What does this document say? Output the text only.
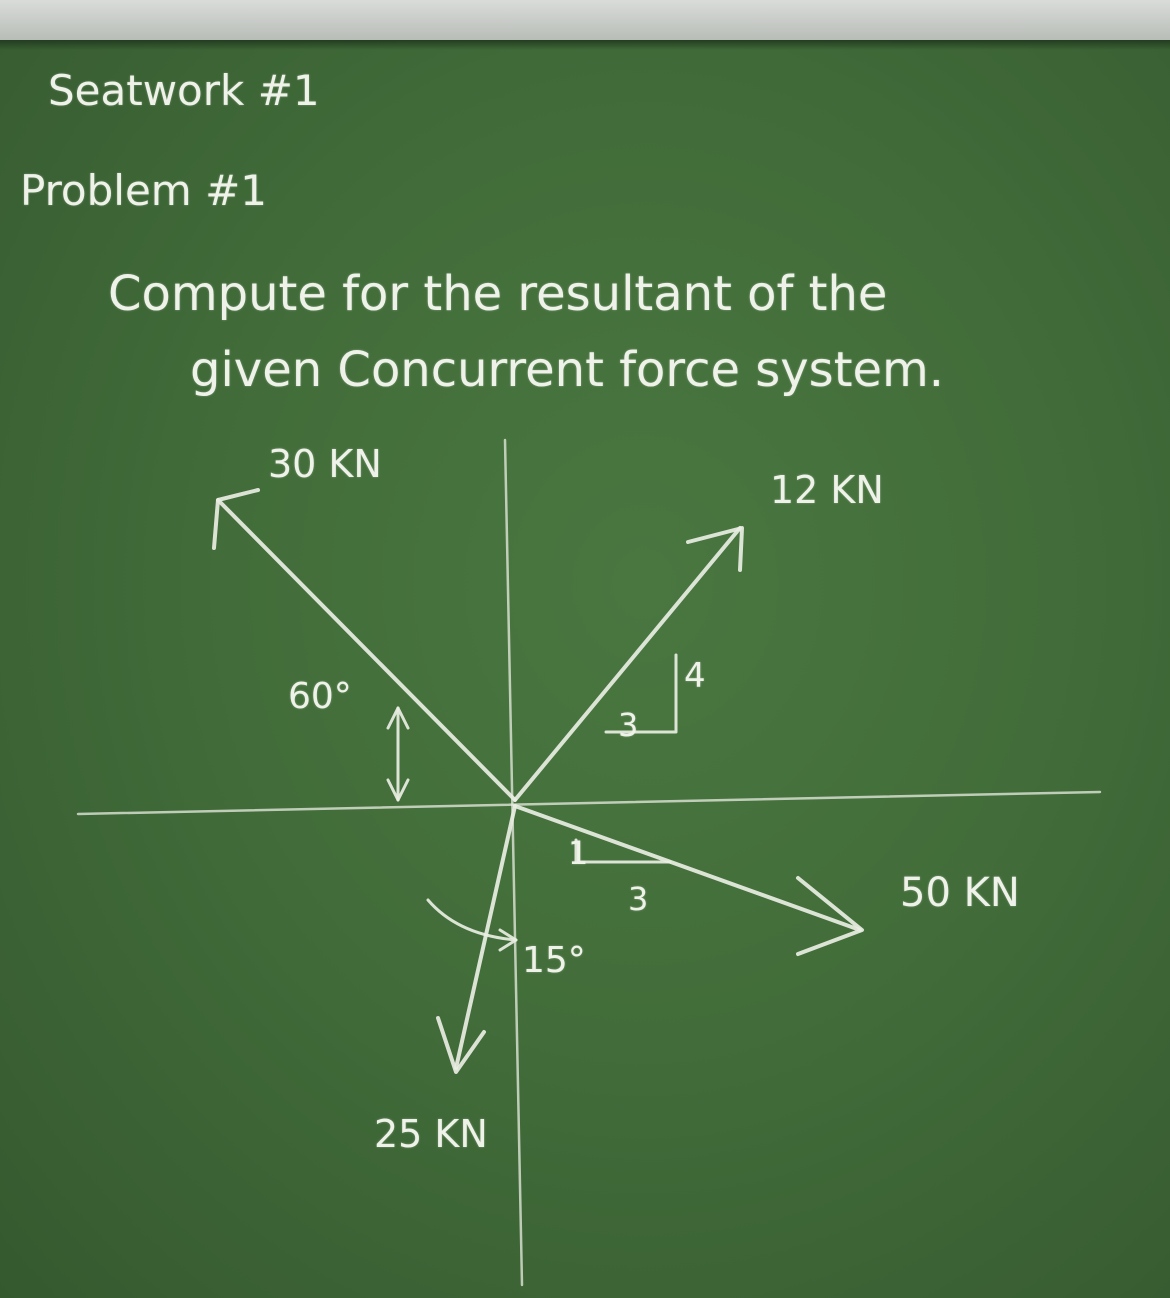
Seatwork #1
Problem #1
Compute for the resultant of the
given Concurrent force system.
30 KN
12 KN
50 KN
25 KN
60°
15°
4
3
1
3
